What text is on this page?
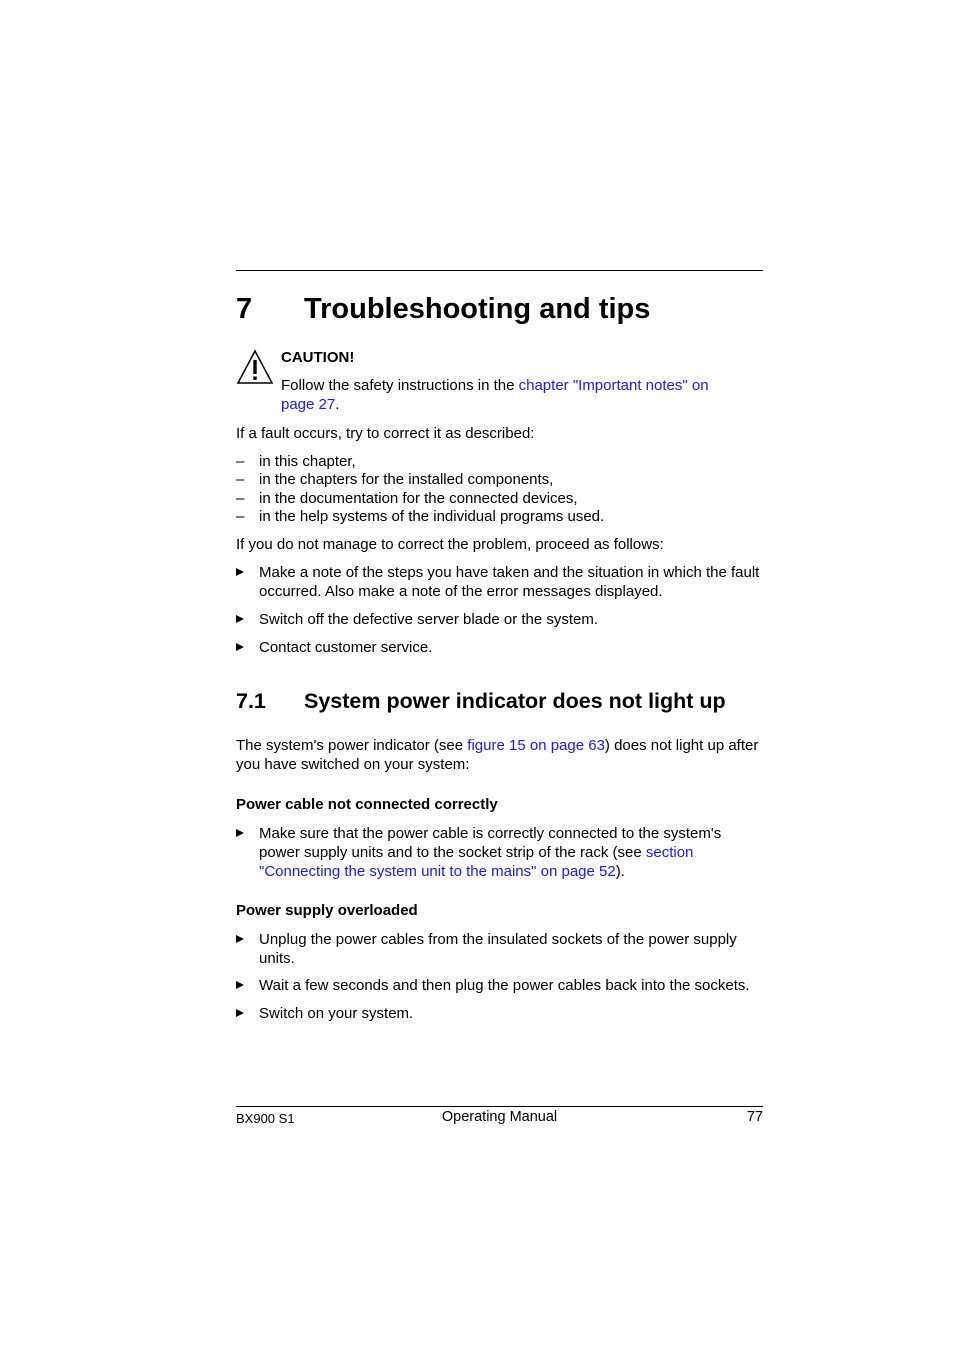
7 Troubleshooting and tips
CAUTION!
Follow the safety instructions in the chapter "Important notes" on page 27.
If a fault occurs, try to correct it as described:
– in this chapter,
– in the chapters for the installed components,
– in the documentation for the connected devices,
– in the help systems of the individual programs used.
If you do not manage to correct the problem, proceed as follows:
Make a note of the steps you have taken and the situation in which the fault occurred. Also make a note of the error messages displayed.
Switch off the defective server blade or the system.
Contact customer service.
7.1 System power indicator does not light up
The system's power indicator (see figure 15 on page 63) does not light up after you have switched on your system:
Power cable not connected correctly
Make sure that the power cable is correctly connected to the system's power supply units and to the socket strip of the rack (see section "Connecting the system unit to the mains" on page 52).
Power supply overloaded
Unplug the power cables from the insulated sockets of the power supply units.
Wait a few seconds and then plug the power cables back into the sockets.
Switch on your system.
BX900 S1	Operating Manual	77
